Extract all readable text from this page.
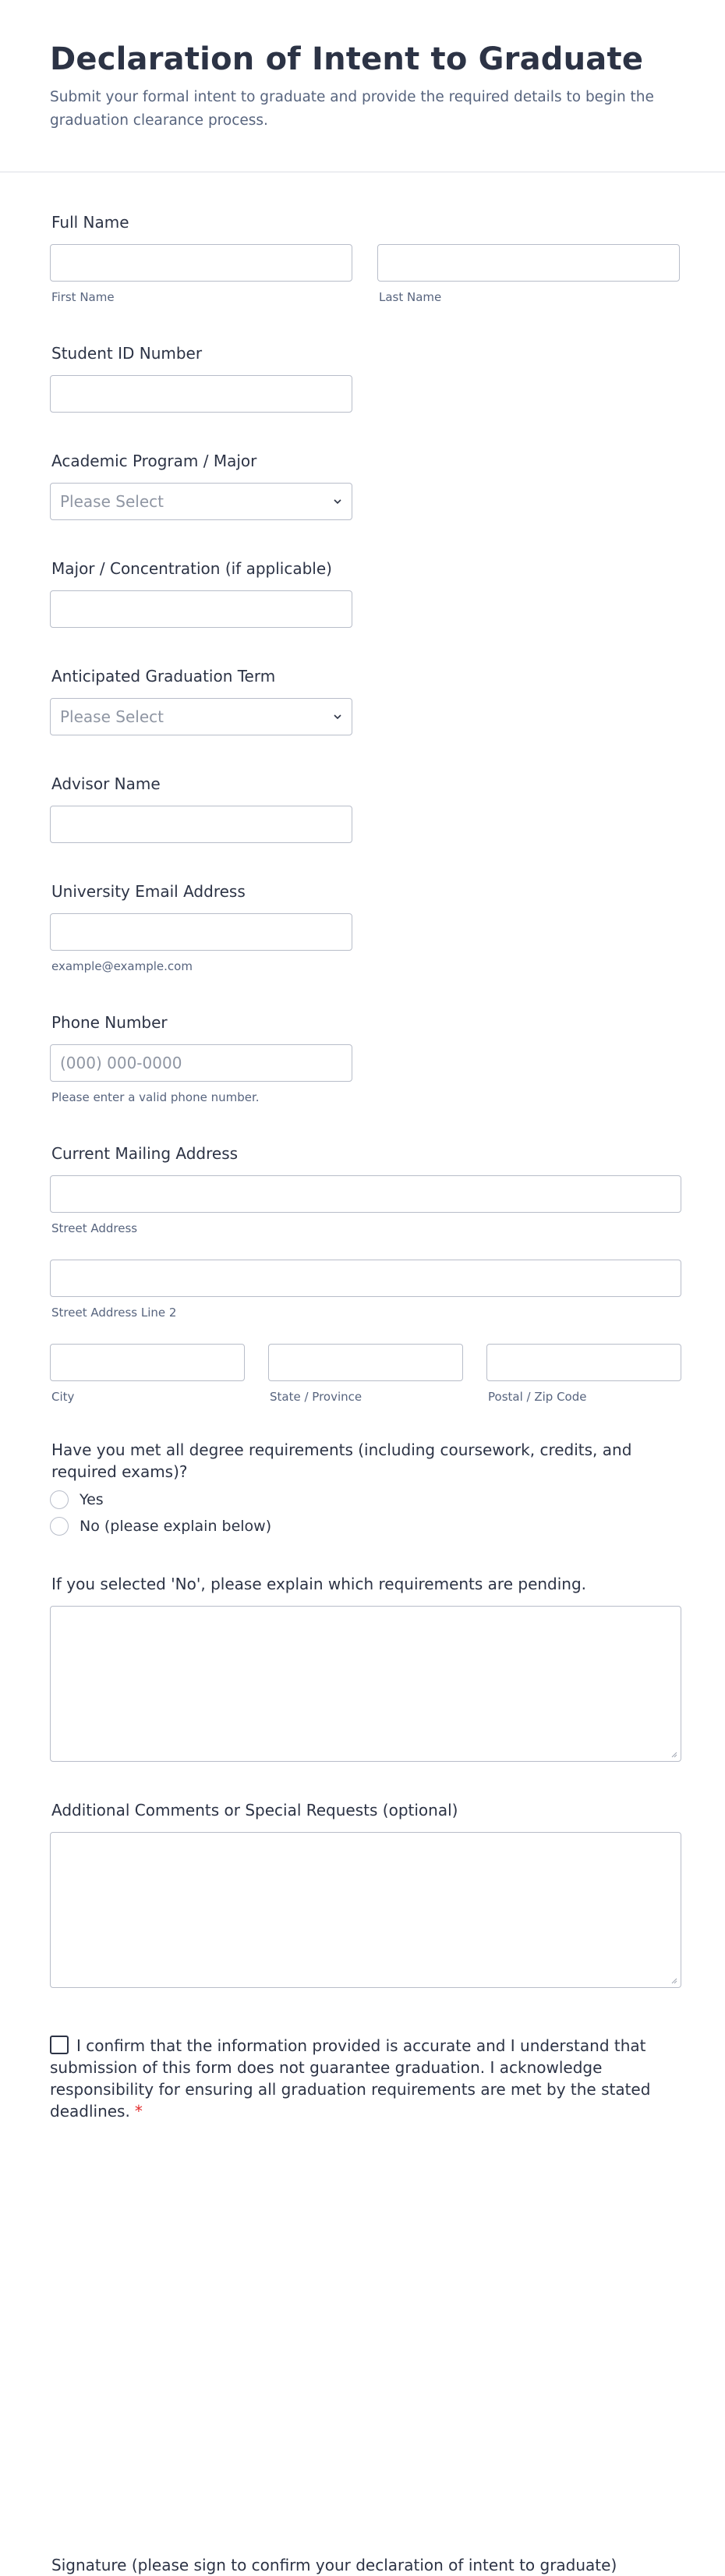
Declaration of Intent to Graduate

Submit your formal intent to graduate and provide the required details to begin the graduation clearance process.

Full Name
First Name	Last Name
Student ID Number
Academic Program / Major
Please Select
Major / Concentration (if applicable)
Anticipated Graduation Term
Please Select
Advisor Name
University Email Address
example@example.com
Phone Number
(000) 000-0000
Please enter a valid phone number.
Current Mailing Address
Street Address
Street Address Line 2
City	State / Province	Postal / Zip Code
Have you met all degree requirements (including coursework, credits, and required exams)?
Yes
No (please explain below)
If you selected 'No', please explain which requirements are pending.
Additional Comments or Special Requests (optional)
I confirm that the information provided is accurate and I understand that submission of this form does not guarantee graduation. I acknowledge responsibility for ensuring all graduation requirements are met by the stated deadlines. *
Signature (please sign to confirm your declaration of intent to graduate)
